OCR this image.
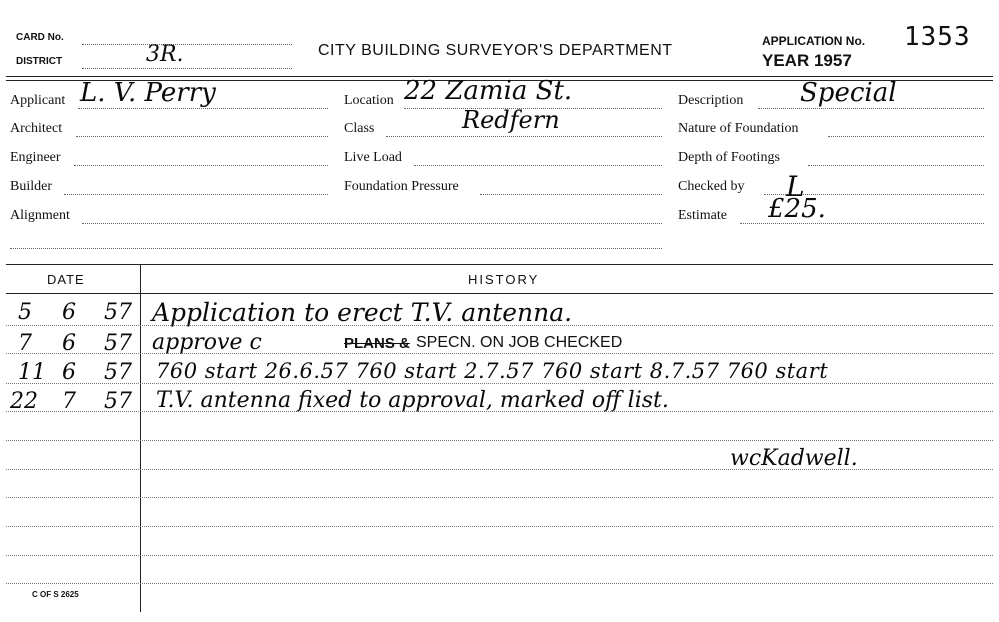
CARD No.
DISTRICT	3R.	CITY BUILDING SURVEYOR'S DEPARTMENT
APPLICATION No. 1353
YEAR 1957
Applicant L. V. Perry
Architect
Engineer
Builder
Alignment
Location 22 Zamia St.
Class	Redfern
Live Load
Foundation Pressure
Description Special
Nature of Foundation
Depth of Footings
Checked by L
Estimate £25.
DATE	HISTORY
5 6 57 Application to erect T.V. antenna.
7 6 57 approve c	PLANS & SPECN. ON JOB CHECKED
11 6 57 760 start 26.6.57 760 start 2.7.57 760 start 8.7.57 760 start
22 7 57 T.V. antenna fixed to approval, marked off list.
wcKadwell.
C OF S 2625
